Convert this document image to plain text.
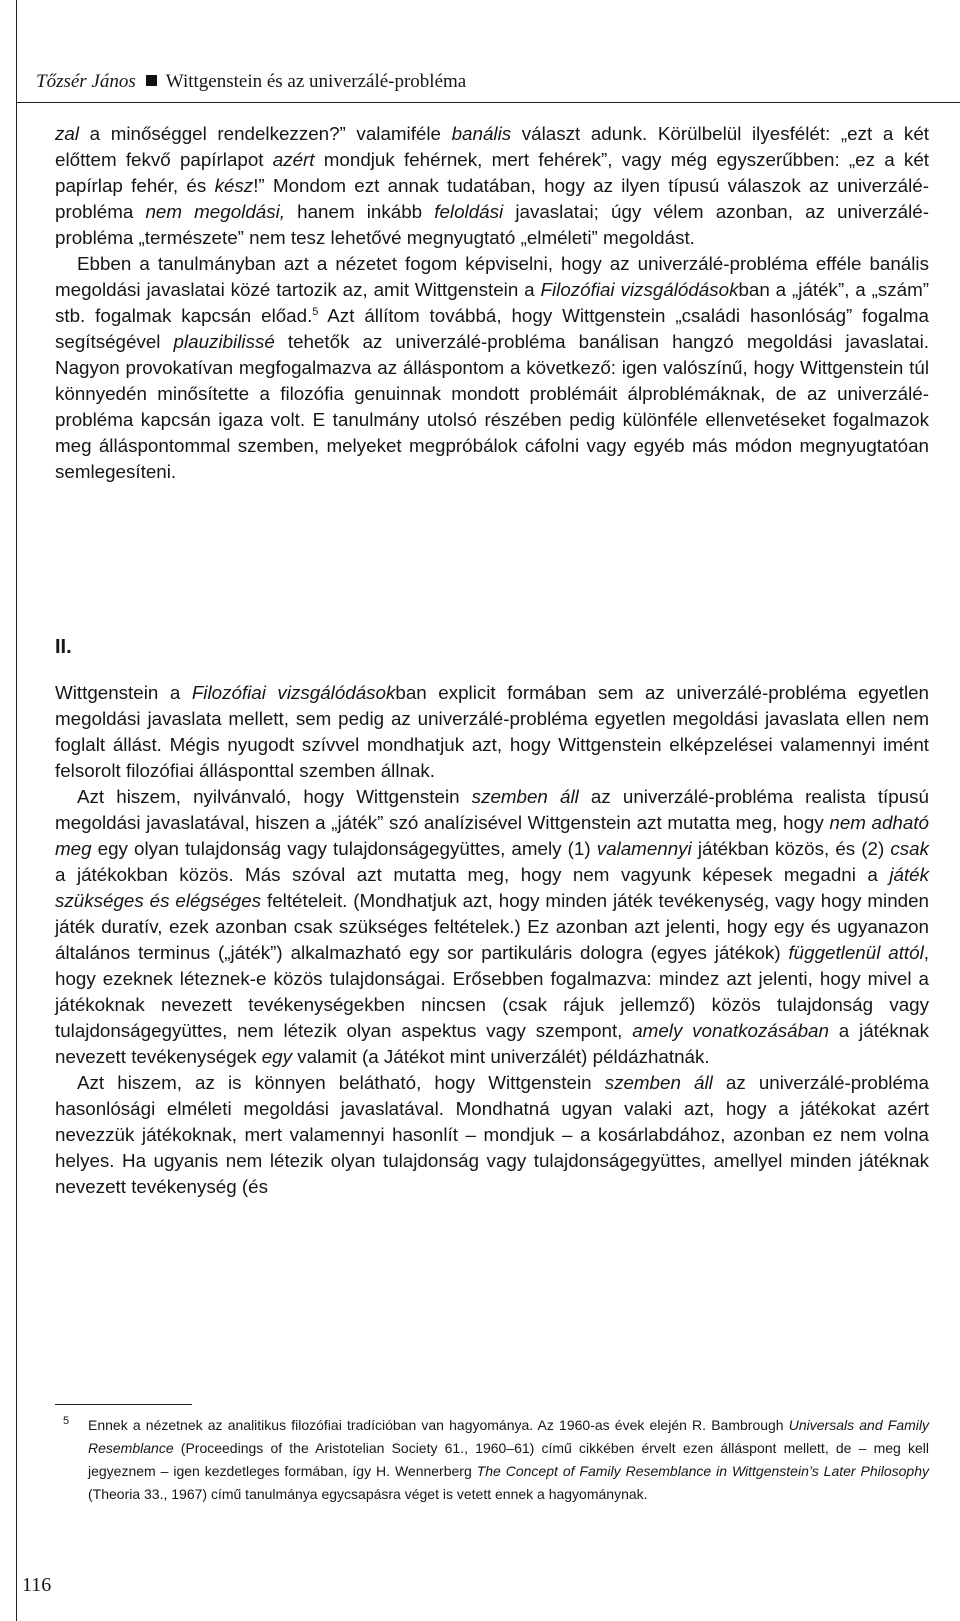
Tőzsér János Wittgenstein és az univerzálé-probléma

zal a minőséggel rendelkezzen?” valamiféle banális választ adunk. Körülbelül ilyesfélét: „ezt a két előttem fekvő papírlapot azért mondjuk fehérnek, mert fehérek”, vagy még egyszerűbben: „ez a két papírlap fehér, és kész!” Mondom ezt annak tudatában, hogy az ilyen típusú válaszok az univerzálé-probléma nem megoldási, hanem inkább feloldási javaslatai; úgy vélem azonban, az univerzálé-probléma „természete” nem tesz lehetővé megnyugtató „elméleti” megoldást.

Ebben a tanulmányban azt a nézetet fogom képviselni, hogy az univerzálé-probléma efféle banális megoldási javaslatai közé tartozik az, amit Wittgenstein a Filozófiai vizsgálódásokban a „játék”, a „szám” stb. fogalmak kapcsán előad.$^5$ Azt állítom továbbá, hogy Wittgenstein „családi hasonlóság” fogalma segítségével plauzibilissé tehetők az univerzálé-probléma banálisan hangzó megoldási javaslatai. Nagyon provokatívan megfogalmazva az álláspontom a következő: igen valószínű, hogy Wittgenstein túl könnyedén minősítette a filozófia genuinnak mondott problémáit álproblémáknak, de az univerzálé-probléma kapcsán igaza volt. E tanulmány utolsó részében pedig különféle ellenvetéseket fogalmazok meg álláspontommal szemben, melyeket megpróbálok cáfolni vagy egyéb más módon megnyugtatóan semlegesíteni.

II.

Wittgenstein a Filozófiai vizsgálódásokban explicit formában sem az univerzálé-probléma egyetlen megoldási javaslata mellett, sem pedig az univerzálé-probléma egyetlen megoldási javaslata ellen nem foglalt állást. Mégis nyugodt szívvel mondhatjuk azt, hogy Wittgenstein elképzelései valamennyi imént felsorolt filozófiai állásponttal szemben állnak.

Azt hiszem, nyilvánvaló, hogy Wittgenstein szemben áll az univerzálé-probléma realista típusú megoldási javaslatával, hiszen a „játék” szó analízisével Wittgenstein azt mutatta meg, hogy nem adható meg egy olyan tulajdonság vagy tulajdonságegyüttes, amely (1) valamennyi játékban közös, és (2) csak a játékokban közös. Más szóval azt mutatta meg, hogy nem vagyunk képesek megadni a játék szükséges és elégséges feltételeit. (Mondhatjuk azt, hogy minden játék tevékenység, vagy hogy minden játék duratív, ezek azonban csak szükséges feltételek.) Ez azonban azt jelenti, hogy egy és ugyanazon általános terminus („játék”) alkalmazható egy sor partikuláris dologra (egyes játékok) függetlenül attól, hogy ezeknek léteznek-e közös tulajdonságai. Erősebben fogalmazva: mindez azt jelenti, hogy mivel a játékoknak nevezett tevékenységekben nincsen (csak rájuk jellemző) közös tulajdonság vagy tulajdonságegyüttes, nem létezik olyan aspektus vagy szempont, amely vonatkozásában a játéknak nevezett tevékenységek egy valamit (a Játékot mint univerzálét) példázhatnák.

Azt hiszem, az is könnyen belátható, hogy Wittgenstein szemben áll az univerzálé-probléma hasonlósági elméleti megoldási javaslatával. Mondhatná ugyan valaki azt, hogy a játékokat azért nevezzük játékoknak, mert valamennyi hasonlít – mondjuk – a kosárlabdához, azonban ez nem volna helyes. Ha ugyanis nem létezik olyan tulajdonság vagy tulajdonságegyüttes, amellyel minden játéknak nevezett tevékenység (és

5 Ennek a nézetnek az analitikus filozófiai tradícióban van hagyománya. Az 1960-as évek elején R. Bambrough Universals and Family Resemblance (Proceedings of the Aristotelian Society 61., 1960–61) című cikkében érvelt ezen álláspont mellett, de – meg kell jegyeznem – igen kezdetleges formában, így H. Wennerberg The Concept of Family Resemblance in Wittgenstein’s Later Philosophy (Theoria 33., 1967) című tanulmánya egycsapásra véget is vetett ennek a hagyománynak.

116
